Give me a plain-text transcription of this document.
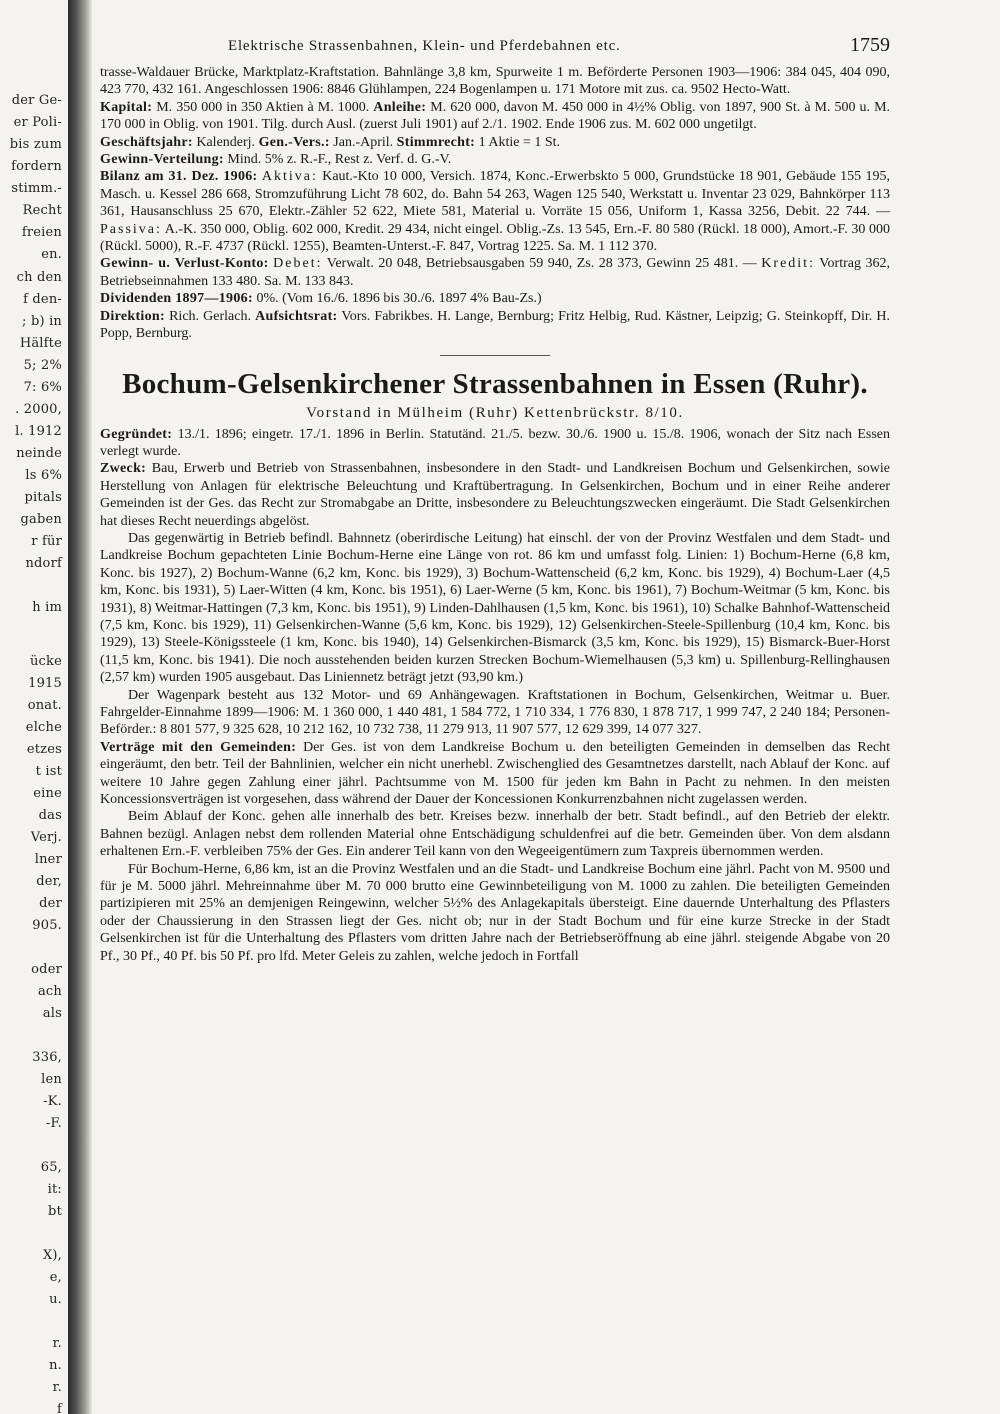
der Ge-
er Poli-
bis zum
fordern
stimm.-
Recht
freien
en.
ch den
f den-
; b) in
Hälfte
5; 2%
7: 6%
. 2000,
l. 1912
neinde
ls 6%
pitals
gaben
r für
ndorf
h im
ücke
1915
onat.
elche
etzes
t ist
eine
das
Verj.
lner
der,
der
905.
oder
ach
als
336,
len
-K.
-F.
65,
it:
bt
X),
e,
u.
r.
n.
r.
f
Elektrische Strassenbahnen, Klein- und Pferdebahnen etc.	1759

trasse-Waldauer Brücke, Marktplatz-Kraftstation. Bahnlänge 3,8 km, Spurweite 1 m. Beförderte Personen 1903—1906: 384 045, 404 090, 423 770, 432 161. Angeschlossen 1906: 8846 Glühlampen, 224 Bogenlampen u. 171 Motore mit zus. ca. 9502 Hecto-Watt.

Kapital: M. 350 000 in 350 Aktien à M. 1000. Anleihe: M. 620 000, davon M. 450 000 in 4½% Oblig. von 1897, 900 St. à M. 500 u. M. 170 000 in Oblig. von 1901. Tilg. durch Ausl. (zuerst Juli 1901) auf 2./1. 1902. Ende 1906 zus. M. 602 000 ungetilgt.

Geschäftsjahr: Kalenderj. Gen.-Vers.: Jan.-April. Stimmrecht: 1 Aktie = 1 St.

Gewinn-Verteilung: Mind. 5% z. R.-F., Rest z. Verf. d. G.-V.

Bilanz am 31. Dez. 1906: Aktiva: Kaut.-Kto 10 000, Versich. 1874, Konc.-Erwerbskto 5 000, Grundstücke 18 901, Gebäude 155 195, Masch. u. Kessel 286 668, Stromzuführung Licht 78 602, do. Bahn 54 263, Wagen 125 540, Werkstatt u. Inventar 23 029, Bahnkörper 113 361, Hausanschluss 25 670, Elektr.-Zähler 52 622, Miete 581, Material u. Vorräte 15 056, Uniform 1, Kassa 3256, Debit. 22 744. — Passiva: A.-K. 350 000, Oblig. 602 000, Kredit. 29 434, nicht eingel. Oblig.-Zs. 13 545, Ern.-F. 80 580 (Rückl. 18 000), Amort.-F. 30 000 (Rückl. 5000), R.-F. 4737 (Rückl. 1255), Beamten-Unterst.-F. 847, Vortrag 1225. Sa. M. 1 112 370.

Gewinn- u. Verlust-Konto: Debet: Verwalt. 20 048, Betriebsausgaben 59 940, Zs. 28 373, Gewinn 25 481. — Kredit: Vortrag 362, Betriebseinnahmen 133 480. Sa. M. 133 843.

Dividenden 1897—1906: 0%. (Vom 16./6. 1896 bis 30./6. 1897 4% Bau-Zs.)

Direktion: Rich. Gerlach. Aufsichtsrat: Vors. Fabrikbes. H. Lange, Bernburg; Fritz Helbig, Rud. Kästner, Leipzig; G. Steinkopff, Dir. H. Popp, Bernburg.

Bochum-Gelsenkirchener Strassenbahnen in Essen (Ruhr).
Vorstand in Mülheim (Ruhr) Kettenbrückstr. 8/10.

Gegründet: 13./1. 1896; eingetr. 17./1. 1896 in Berlin. Statutänd. 21./5. bezw. 30./6. 1900 u. 15./8. 1906, wonach der Sitz nach Essen verlegt wurde.

Zweck: Bau, Erwerb und Betrieb von Strassenbahnen, insbesondere in den Stadt- und Landkreisen Bochum und Gelsenkirchen, sowie Herstellung von Anlagen für elektrische Beleuchtung und Kraftübertragung. In Gelsenkirchen, Bochum und in einer Reihe anderer Gemeinden ist der Ges. das Recht zur Stromabgabe an Dritte, insbesondere zu Beleuchtungszwecken eingeräumt. Die Stadt Gelsenkirchen hat dieses Recht neuerdings abgelöst.

Das gegenwärtig in Betrieb befindl. Bahnnetz (oberirdische Leitung) hat einschl. der von der Provinz Westfalen und dem Stadt- und Landkreise Bochum gepachteten Linie Bochum-Herne eine Länge von rot. 86 km und umfasst folg. Linien: 1) Bochum-Herne (6,8 km, Konc. bis 1927), 2) Bochum-Wanne (6,2 km, Konc. bis 1929), 3) Bochum-Wattenscheid (6,2 km, Konc. bis 1929), 4) Bochum-Laer (4,5 km, Konc. bis 1931), 5) Laer-Witten (4 km, Konc. bis 1951), 6) Laer-Werne (5 km, Konc. bis 1961), 7) Bochum-Weitmar (5 km, Konc. bis 1931), 8) Weitmar-Hattingen (7,3 km, Konc. bis 1951), 9) Linden-Dahlhausen (1,5 km, Konc. bis 1961), 10) Schalke Bahnhof-Wattenscheid (7,5 km, Konc. bis 1929), 11) Gelsenkirchen-Wanne (5,6 km, Konc. bis 1929), 12) Gelsenkirchen-Steele-Spillenburg (10,4 km, Konc. bis 1929), 13) Steele-Königssteele (1 km, Konc. bis 1940), 14) Gelsenkirchen-Bismarck (3,5 km, Konc. bis 1929), 15) Bismarck-Buer-Horst (11,5 km, Konc. bis 1941). Die noch ausstehenden beiden kurzen Strecken Bochum-Wiemelhausen (5,3 km) u. Spillenburg-Rellinghausen (2,57 km) wurden 1905 ausgebaut. Das Liniennetz beträgt jetzt (93,90 km.)

Der Wagenpark besteht aus 132 Motor- und 69 Anhängewagen. Kraftstationen in Bochum, Gelsenkirchen, Weitmar u. Buer. Fahrgelder-Einnahme 1899—1906: M. 1 360 000, 1 440 481, 1 584 772, 1 710 334, 1 776 830, 1 878 717, 1 999 747, 2 240 184; Personen-Beförder.: 8 801 577, 9 325 628, 10 212 162, 10 732 738, 11 279 913, 11 907 577, 12 629 399, 14 077 327.

Verträge mit den Gemeinden: Der Ges. ist von dem Landkreise Bochum u. den beteiligten Gemeinden in demselben das Recht eingeräumt, den betr. Teil der Bahnlinien, welcher ein nicht unerhebl. Zwischenglied des Gesamtnetzes darstellt, nach Ablauf der Konc. auf weitere 10 Jahre gegen Zahlung einer jährl. Pachtsumme von M. 1500 für jeden km Bahn in Pacht zu nehmen. In den meisten Koncessionsverträgen ist vorgesehen, dass während der Dauer der Koncessionen Konkurrenzbahnen nicht zugelassen werden.

Beim Ablauf der Konc. gehen alle innerhalb des betr. Kreises bezw. innerhalb der betr. Stadt befindl., auf den Betrieb der elektr. Bahnen bezügl. Anlagen nebst dem rollenden Material ohne Entschädigung schuldenfrei auf die betr. Gemeinden über. Von dem alsdann erhaltenen Ern.-F. verbleiben 75% der Ges. Ein anderer Teil kann von den Wegeeigentümern zum Taxpreis übernommen werden.

Für Bochum-Herne, 6,86 km, ist an die Provinz Westfalen und an die Stadt- und Landkreise Bochum eine jährl. Pacht von M. 9500 und für je M. 5000 jährl. Mehreinnahme über M. 70 000 brutto eine Gewinnbeteiligung von M. 1000 zu zahlen. Die beteiligten Gemeinden partizipieren mit 25% an demjenigen Reingewinn, welcher 5½% des Anlagekapitals übersteigt. Eine dauernde Unterhaltung des Pflasters oder der Chaussierung in den Strassen liegt der Ges. nicht ob; nur in der Stadt Bochum und für eine kurze Strecke in der Stadt Gelsenkirchen ist für die Unterhaltung des Pflasters vom dritten Jahre nach der Betriebseröffnung ab eine jährl. steigende Abgabe von 20 Pf., 30 Pf., 40 Pf. bis 50 Pf. pro lfd. Meter Geleis zu zahlen, welche jedoch in Fortfall
